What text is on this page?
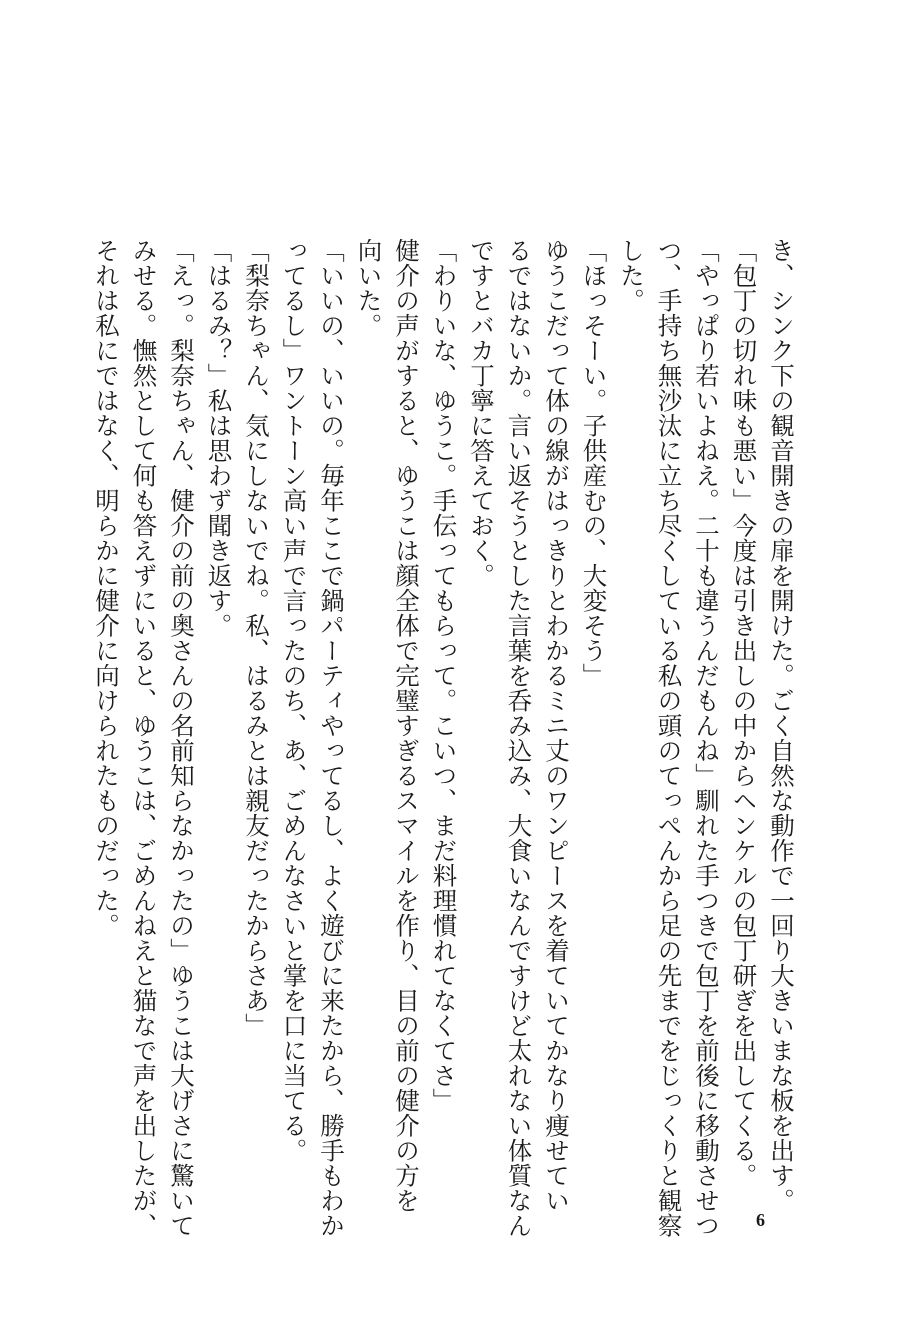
き、シンク下の観音開きの扉を開けた。ごく自然な動作で一回り大きいまな板を出す。
「包丁の切れ味も悪い」今度は引き出しの中からヘンケルの包丁研ぎを出してくる。
「やっぱり若いよねえ。二十も違うんだもんね」馴れた手つきで包丁を前後に移動させつ
つ、手持ち無沙汰に立ち尽くしている私の頭のてっぺんから足の先までをじっくりと観察
した。
「ほっそーい。子供産むの、大変そう」
ゆうこだって体の線がはっきりとわかるミニ丈のワンピースを着ていてかなり痩せてい
るではないか。言い返そうとした言葉を呑み込み、大食いなんですけど太れない体質なん
ですとバカ丁寧に答えておく。
「わりいな、ゆうこ。手伝ってもらって。こいつ、まだ料理慣れてなくてさ」
健介の声がすると、ゆうこは顔全体で完璧すぎるスマイルを作り、目の前の健介の方を
向いた。
「いいの、いいの。毎年ここで鍋パーティやってるし、よく遊びに来たから、勝手もわか
ってるし」ワントーン高い声で言ったのち、あ、ごめんなさいと掌を口に当てる。
「梨奈ちゃん、気にしないでね。私、はるみとは親友だったからさあ」
「はるみ？」私は思わず聞き返す。
「えっ。梨奈ちゃん、健介の前の奥さんの名前知らなかったの」ゆうこは大げさに驚いて
みせる。憮然として何も答えずにいると、ゆうこは、ごめんねえと猫なで声を出したが、
それは私にではなく、明らかに健介に向けられたものだった。
6
